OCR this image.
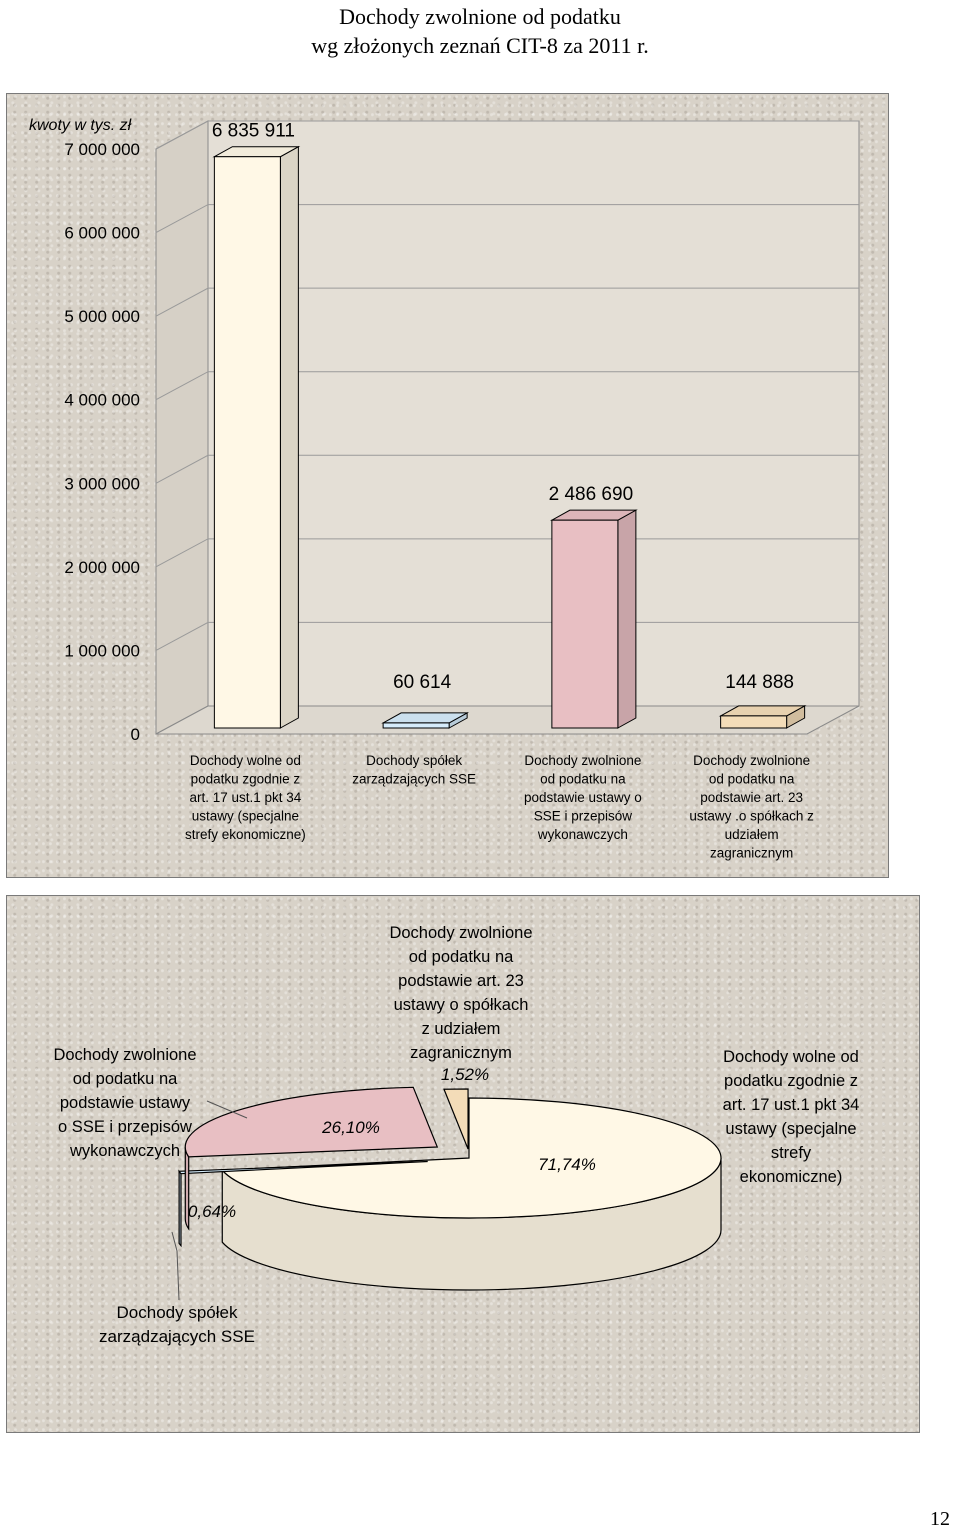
Dochody zwolnione od podatku
wg złożonych zeznań CIT-8 za 2011 r.
0
1 000 000
2 000 000
3 000 000
4 000 000
5 000 000
6 000 000
7 000 000
kwoty w tys. zł	6 835 911
Dochody wolne od
podatku zgodnie z
art. 17 ust.1 pkt 34
ustawy (specjalne
strefy ekonomiczne)
60 614
Dochody spółek
zarządzających SSE
2 486 690
Dochody zwolnione
od podatku na
podstawie ustawy o
SSE i przepisów
wykonawczych
144 888
Dochody zwolnione
od podatku na
podstawie art. 23
ustawy .o spółkach z
udziałem
zagranicznym
71,74%
0,64%
26,10%
1,52%
Dochody wolne od
podatku zgodnie z
art. 17 ust.1 pkt 34
ustawy (specjalne
strefy
ekonomiczne)
Dochody spółek
zarządzających SSE
Dochody zwolnione
od podatku na
podstawie ustawy
o SSE i przepisów
wykonawczych
Dochody zwolnione
od podatku na
podstawie art. 23
ustawy o spółkach
z udziałem
zagranicznym
12
